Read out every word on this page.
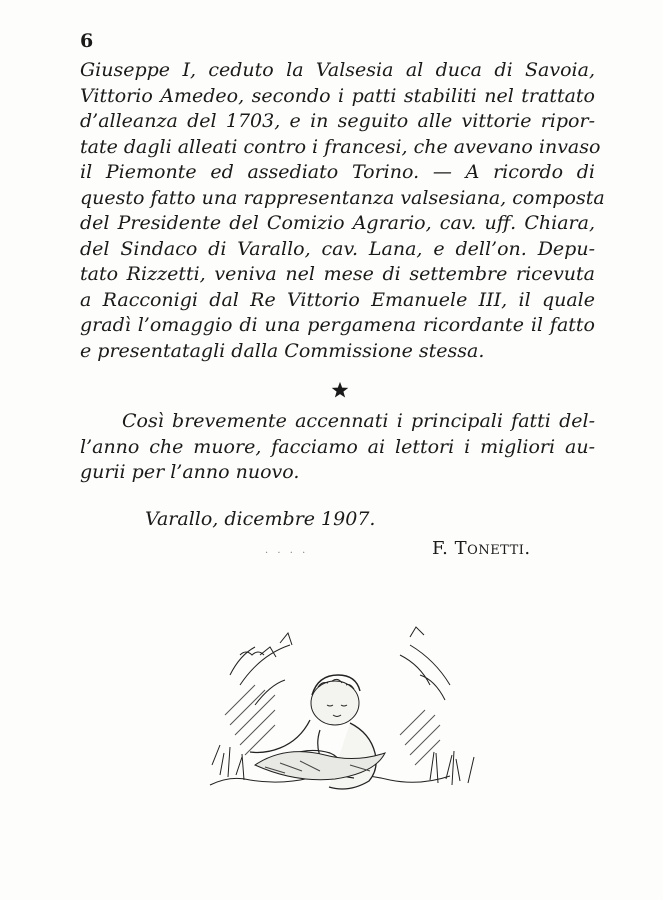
6
Giuseppe I, ceduto la Valsesia al duca di Savoia,
Vittorio Amedeo, secondo i patti stabiliti nel trattato
d’alleanza del 1703, e in seguito alle vittorie ripor-
tate dagli alleati contro i francesi, che avevano invaso
il Piemonte ed assediato Torino. — A ricordo di
questo fatto una rappresentanza valsesiana, composta
del Presidente del Comizio Agrario, cav. uff. Chiara,
del Sindaco di Varallo, cav. Lana, e dell’on. Depu-
tato Rizzetti, veniva nel mese di settembre ricevuta
a Racconigi dal Re Vittorio Emanuele III, il quale
gradì l’omaggio di una pergamena ricordante il fatto
e presentatagli dalla Commissione stessa.
Così brevemente accennati i principali fatti del-
l’anno che muore, facciamo ai lettori i migliori au-
gurii per l’anno nuovo.
Varallo, dicembre 1907.
F. Tonetti.
· · · ·
